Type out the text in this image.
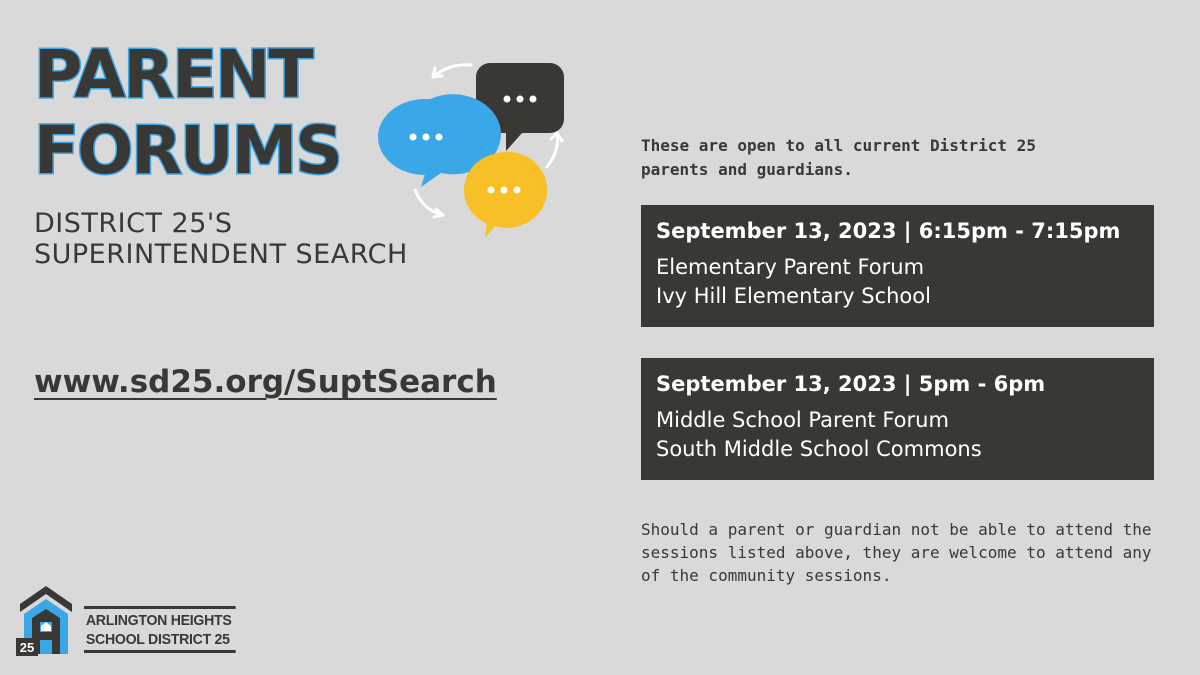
PARENT
FORUMS
DISTRICT 25'S
SUPERINTENDENT SEARCH
www.sd25.org/SuptSearch
These are open to all current District 25 parents and guardians.
September 13, 2023 | 6:15pm - 7:15pm
Elementary Parent Forum
Ivy Hill Elementary School
September 13, 2023 | 5pm - 6pm
Middle School Parent Forum
South Middle School Commons
Should a parent or guardian not be able to attend the sessions listed above, they are welcome to attend any of the community sessions.
25
ARLINGTON HEIGHTS
SCHOOL DISTRICT 25
